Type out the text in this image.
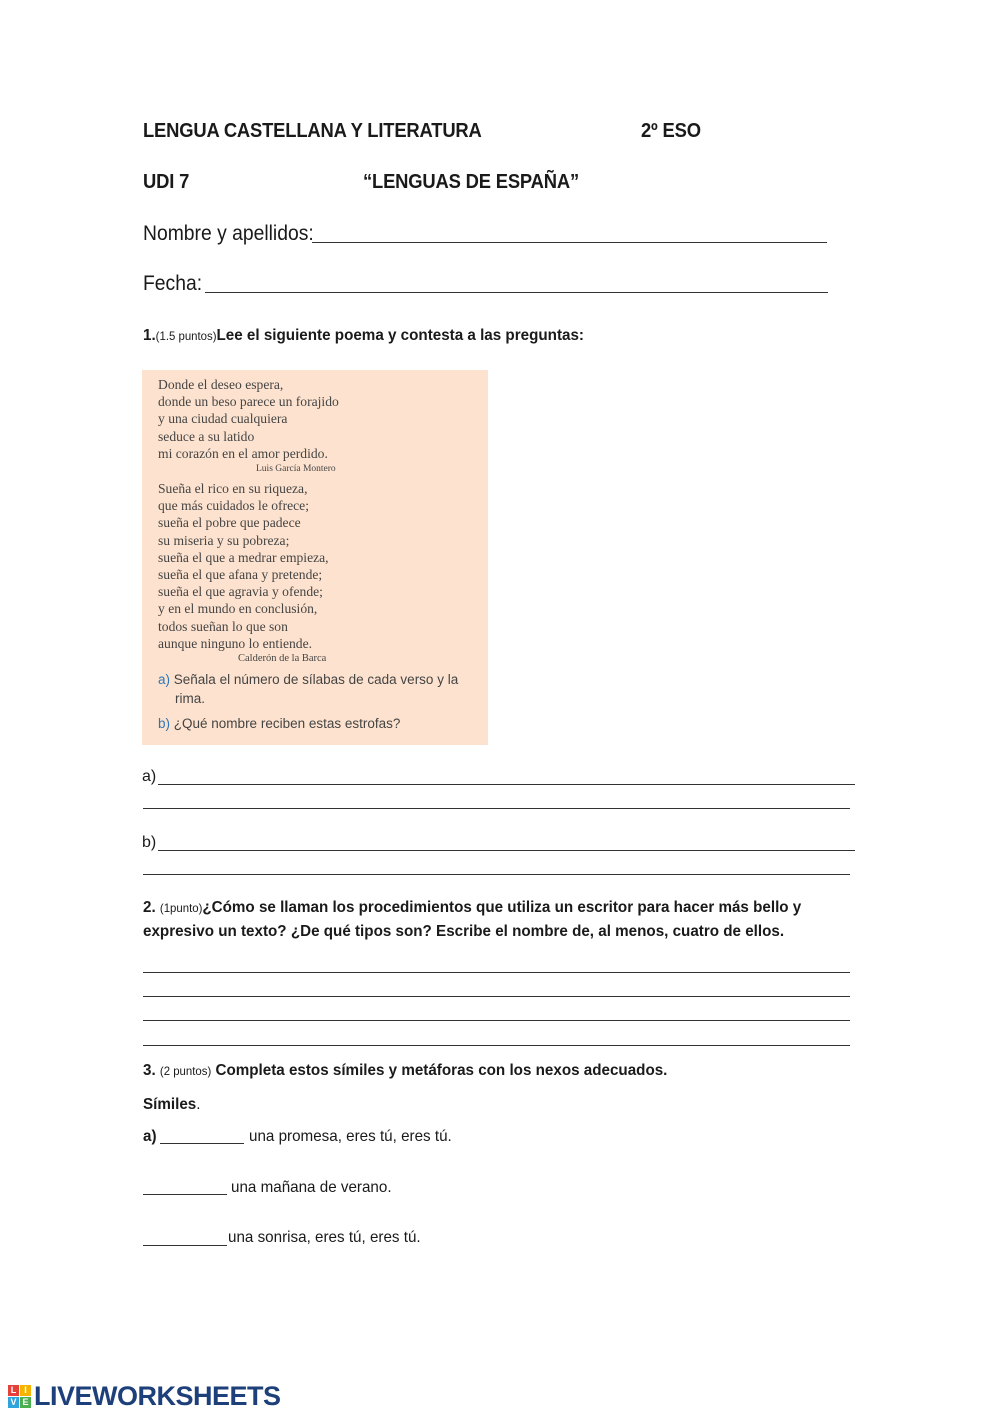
LENGUA CASTELLANA Y LITERATURA	2º ESO
UDI 7	“LENGUAS DE ESPAÑA”
Nombre y apellidos:
Fecha:
1.(1.5 puntos)Lee el siguiente poema y contesta a las preguntas:
Donde el deseo espera,
donde un beso parece un forajido
y una ciudad cualquiera
seduce a su latido
mi corazón en el amor perdido.
Luis García Montero
Sueña el rico en su riqueza,
que más cuidados le ofrece;
sueña el pobre que padece
su miseria y su pobreza;
sueña el que a medrar empieza,
sueña el que afana y pretende;
sueña el que agravia y ofende;
y en el mundo en conclusión,
todos sueñan lo que son
aunque ninguno lo entiende.
Calderón de la Barca
a) Señala el número de sílabas de cada verso y la
rima.
b) ¿Qué nombre reciben estas estrofas?
a)
b)
2. (1punto)¿Cómo se llaman los procedimientos que utiliza un escritor para hacer más bello y
expresivo un texto? ¿De qué tipos son? Escribe el nombre de, al menos, cuatro de ellos.
3. (2 puntos) Completa estos símiles y metáforas con los nexos adecuados.
Símiles.
a)	una promesa, eres tú, eres tú.
una mañana de verano.
una sonrisa, eres tú, eres tú.
L I
V E LIVEWORKSHEETS
